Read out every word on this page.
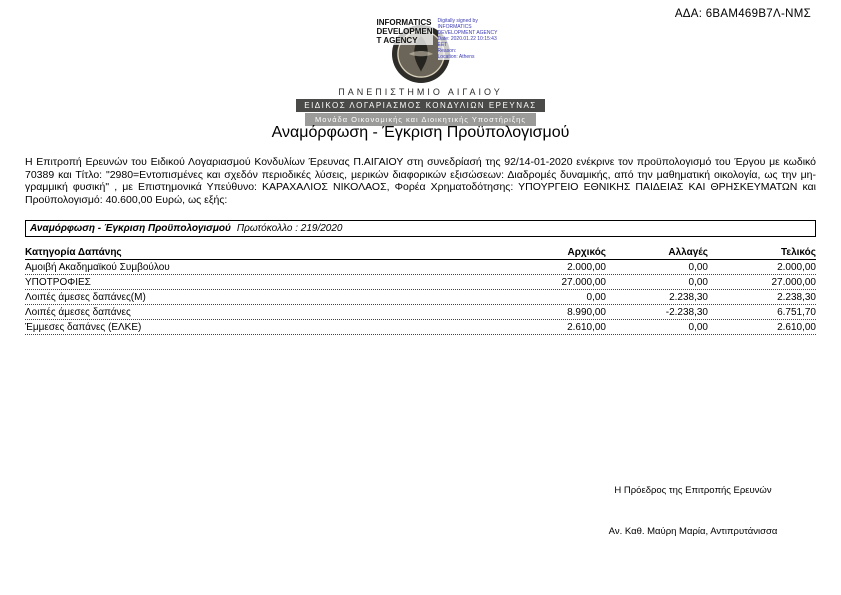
ΑΔΑ: 6ΒΑΜ469Β7Λ-ΝΜΣ
INFORMATICS
DEVELOPMEN
T AGENCY
Digitally signed by
INFORMATICS
DEVELOPMENT AGENCY
Date: 2020.01.22 10:15:43
EET
Reason:
Location: Athens
ΠΑΝΕΠΙΣΤΗΜΙΟ ΑΙΓΑΙΟΥ
ΕΙΔΙΚΟΣ ΛΟΓΑΡΙΑΣΜΟΣ ΚΟΝΔΥΛΙΩΝ ΕΡΕΥΝΑΣ
Μονάδα Οικονομικής και Διοικητικής Υποστήριξης
Αναμόρφωση - Έγκριση Προϋπολογισμού

Η Επιτροπή Ερευνών του Ειδικού Λογαριασμού Κονδυλίων Έρευνας Π.ΑΙΓΑΙΟΥ στη συνεδρίασή της 92/14-01-2020 ενέκρινε τον προϋπολογισμό του Έργου με κωδικό 70389 και Τίτλο: "2980=Εντοπισμένες και σχεδόν περιοδικές λύσεις, μερικών διαφορικών εξισώσεων: Διαδρομές δυναμικής, από την μαθηματική οικολογία, ως την μη-γραμμική φυσική" , με Επιστημονικά Υπεύθυνο: ΚΑΡΑΧΑΛΙΟΣ ΝΙΚΟΛΑΟΣ, Φορέα Χρηματοδότησης: ΥΠΟΥΡΓΕΙΟ ΕΘΝΙΚΗΣ ΠΑΙΔΕΙΑΣ ΚΑΙ ΘΡΗΣΚΕΥΜΑΤΩΝ και Προϋπολογισμό: 40.600,00 Ευρώ, ως εξής:

Αναμόρφωση - Έγκριση Προϋπολογισμού Πρωτόκολλο : 219/2020
Κατηγορία Δαπάνης	Αρχικός	Αλλαγές	Τελικός
Αμοιβή Ακαδημαϊκού Συμβούλου	2.000,00	0,00	2.000,00
ΥΠΟΤΡΟΦΙΕΣ	27.000,00	0,00	27.000,00
Λοιπές άμεσες δαπάνες(Μ)	0,00	2.238,30	2.238,30
Λοιπές άμεσες δαπάνες	8.990,00	-2.238,30	6.751,70
Έμμεσες δαπάνες (ΕΛΚΕ)	2.610,00	0,00	2.610,00
Η Πρόεδρος της Επιτροπής Ερευνών
Αν. Καθ. Μαύρη Μαρία, Αντιπρυτάνισσα
